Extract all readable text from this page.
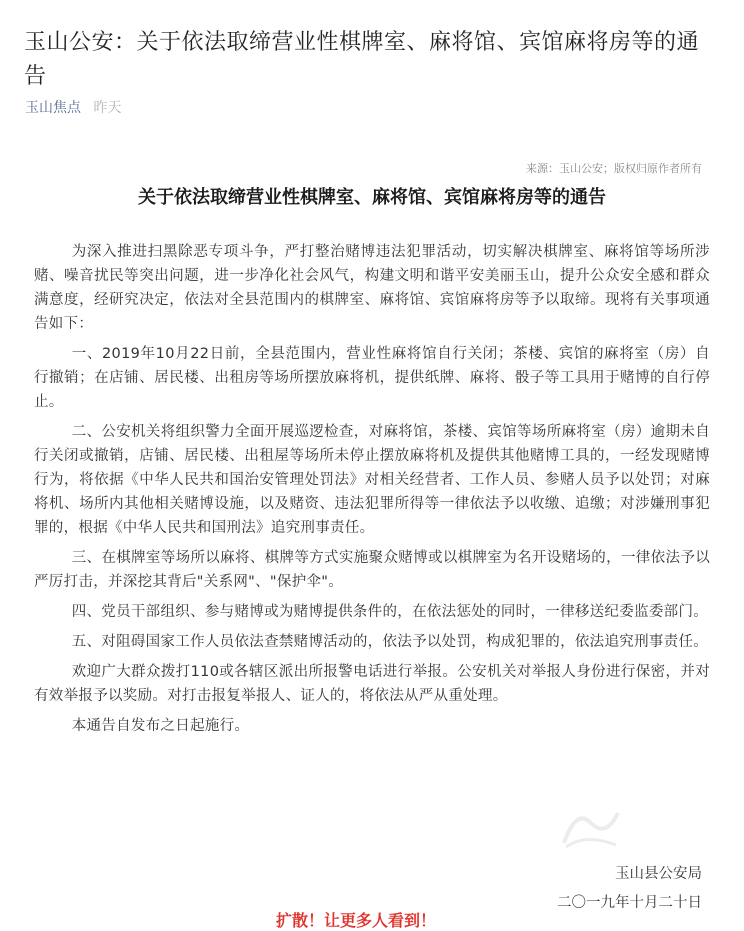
玉山公安：关于依法取缔营业性棋牌室、麻将馆、宾馆麻将房等的通告
玉山焦点 昨天
来源：玉山公安；版权归原作者所有
关于依法取缔营业性棋牌室、麻将馆、宾馆麻将房等的通告

为深入推进扫黑除恶专项斗争，严打整治赌博违法犯罪活动，切实解决棋牌室、麻将馆等场所涉赌、噪音扰民等突出问题，进一步净化社会风气，构建文明和谐平安美丽玉山，提升公众安全感和群众满意度，经研究决定，依法对全县范围内的棋牌室、麻将馆、宾馆麻将房等予以取缔。现将有关事项通告如下：

一、2019年10月22日前，全县范围内，营业性麻将馆自行关闭；茶楼、宾馆的麻将室（房）自行撤销；在店铺、居民楼、出租房等场所摆放麻将机，提供纸牌、麻将、骰子等工具用于赌博的自行停止。

二、公安机关将组织警力全面开展巡逻检查，对麻将馆，茶楼、宾馆等场所麻将室（房）逾期未自行关闭或撤销，店铺、居民楼、出租屋等场所未停止摆放麻将机及提供其他赌博工具的，一经发现赌博行为，将依据《中华人民共和国治安管理处罚法》对相关经营者、工作人员、参赌人员予以处罚；对麻将机、场所内其他相关赌博设施，以及赌资、违法犯罪所得等一律依法予以收缴、追缴；对涉嫌刑事犯罪的，根据《中华人民共和国刑法》追究刑事责任。

三、在棋牌室等场所以麻将、棋牌等方式实施聚众赌博或以棋牌室为名开设赌场的，一律依法予以严厉打击，并深挖其背后"关系网"、"保护伞"。

四、党员干部组织、参与赌博或为赌博提供条件的，在依法惩处的同时，一律移送纪委监委部门。

五、对阻碍国家工作人员依法查禁赌博活动的，依法予以处罚，构成犯罪的，依法追究刑事责任。

欢迎广大群众拨打110或各辖区派出所报警电话进行举报。公安机关对举报人身份进行保密，并对有效举报予以奖励。对打击报复举报人、证人的，将依法从严从重处理。

本通告自发布之日起施行。

玉山县公安局
二〇一九年十月二十日
扩散！让更多人看到！
